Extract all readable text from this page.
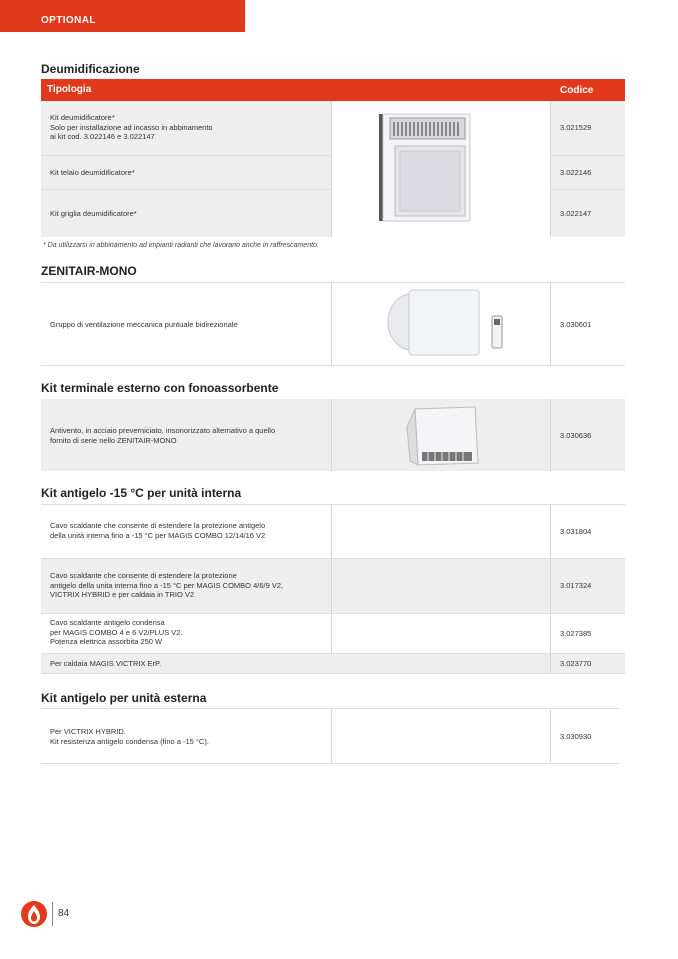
OPTIONAL
Deumidificazione
Tipologia	Codice
Kit deumidificatore*
Solo per installazione ad incasso in abbinamento
ai kit cod. 3.022146 e 3.022147
3.021529
Kit telaio deumidificatore*	3.022146
Kit griglia deumidificatore*	3.022147
* Da utilizzarsi in abbinamento ad impianti radianti che lavorano anche in raffrescamento.
ZENITAIR-MONO
Gruppo di ventilazione meccanica puntuale bidirezionale	3.030601
Kit terminale esterno con fonoassorbente
Antivento, in acciaio preverniciato, insonorizzato alternativo a quello
fornito di serie nello ZENITAIR-MONO	3.030636
Kit antigelo -15 °C per unità interna
Cavo scaldante che consente di estendere la protezione antigelo
della unità interna fino a -15 °C per MAGIS COMBO 12/14/16 V2	3.031804
Cavo scaldante che consente di estendere la protezione
antigelo della unita interna fino a -15 °C per MAGIS COMBO 4/6/9 V2,
VICTRIX HYBRID e per caldaia in TRIO V2
3.017324
Cavo scaldante antigelo condensa
per MAGIS COMBO 4 e 6 V2/PLUS V2.
Potenza elettrica assorbita 250 W
3.027385
Per caldaia MAGIS VICTRIX ErP.	3.023770
Kit antigelo per unità esterna
Per VICTRIX HYBRID.
Kit resistenza antigelo condensa (fino a -15 °C).	3.030930
84
